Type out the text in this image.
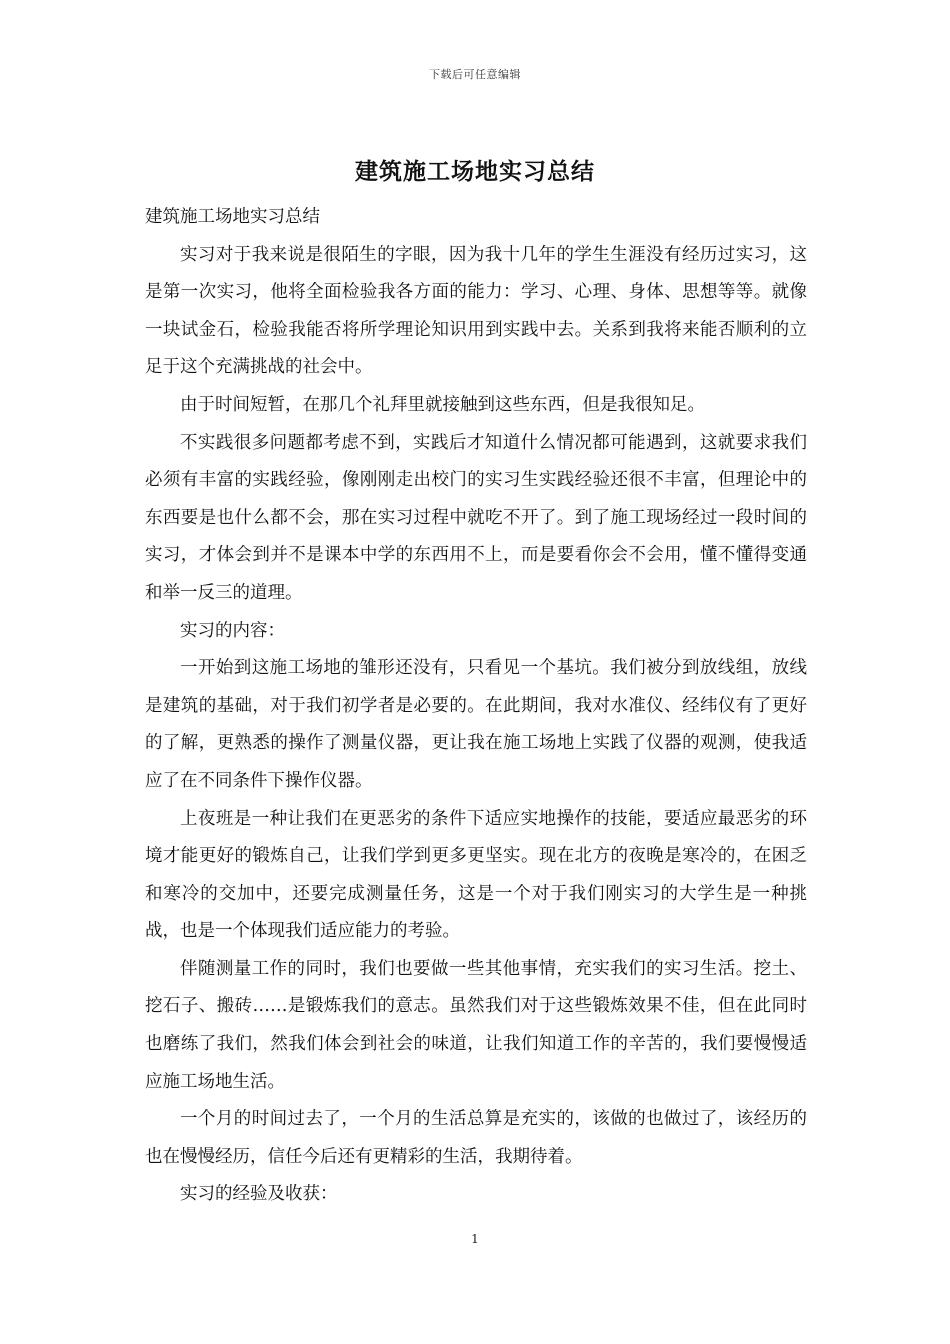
下载后可任意编辑
建筑施工场地实习总结

建筑施工场地实习总结

实习对于我来说是很陌生的字眼，因为我十几年的学生生涯没有经历过实习，这是第一次实习，他将全面检验我各方面的能力：学习、心理、身体、思想等等。就像一块试金石，检验我能否将所学理论知识用到实践中去。关系到我将来能否顺利的立足于这个充满挑战的社会中。

由于时间短暂，在那几个礼拜里就接触到这些东西，但是我很知足。

不实践很多问题都考虑不到，实践后才知道什么情况都可能遇到，这就要求我们必须有丰富的实践经验，像刚刚走出校门的实习生实践经验还很不丰富，但理论中的东西要是也什么都不会，那在实习过程中就吃不开了。到了施工现场经过一段时间的实习，才体会到并不是课本中学的东西用不上，而是要看你会不会用，懂不懂得变通和举一反三的道理。

实习的内容：

一开始到这施工场地的雏形还没有，只看见一个基坑。我们被分到放线组，放线是建筑的基础，对于我们初学者是必要的。在此期间，我对水准仪、经纬仪有了更好的了解，更熟悉的操作了测量仪器，更让我在施工场地上实践了仪器的观测，使我适应了在不同条件下操作仪器。

上夜班是一种让我们在更恶劣的条件下适应实地操作的技能，要适应最恶劣的环境才能更好的锻炼自己，让我们学到更多更坚实。现在北方的夜晚是寒冷的，在困乏和寒冷的交加中，还要完成测量任务，这是一个对于我们刚实习的大学生是一种挑战，也是一个体现我们适应能力的考验。

伴随测量工作的同时，我们也要做一些其他事情，充实我们的实习生活。挖土、挖石子、搬砖……是锻炼我们的意志。虽然我们对于这些锻炼效果不佳，但在此同时也磨练了我们，然我们体会到社会的味道，让我们知道工作的辛苦的，我们要慢慢适应施工场地生活。

一个月的时间过去了，一个月的生活总算是充实的，该做的也做过了，该经历的也在慢慢经历，信任今后还有更精彩的生活，我期待着。

实习的经验及收获：

1
